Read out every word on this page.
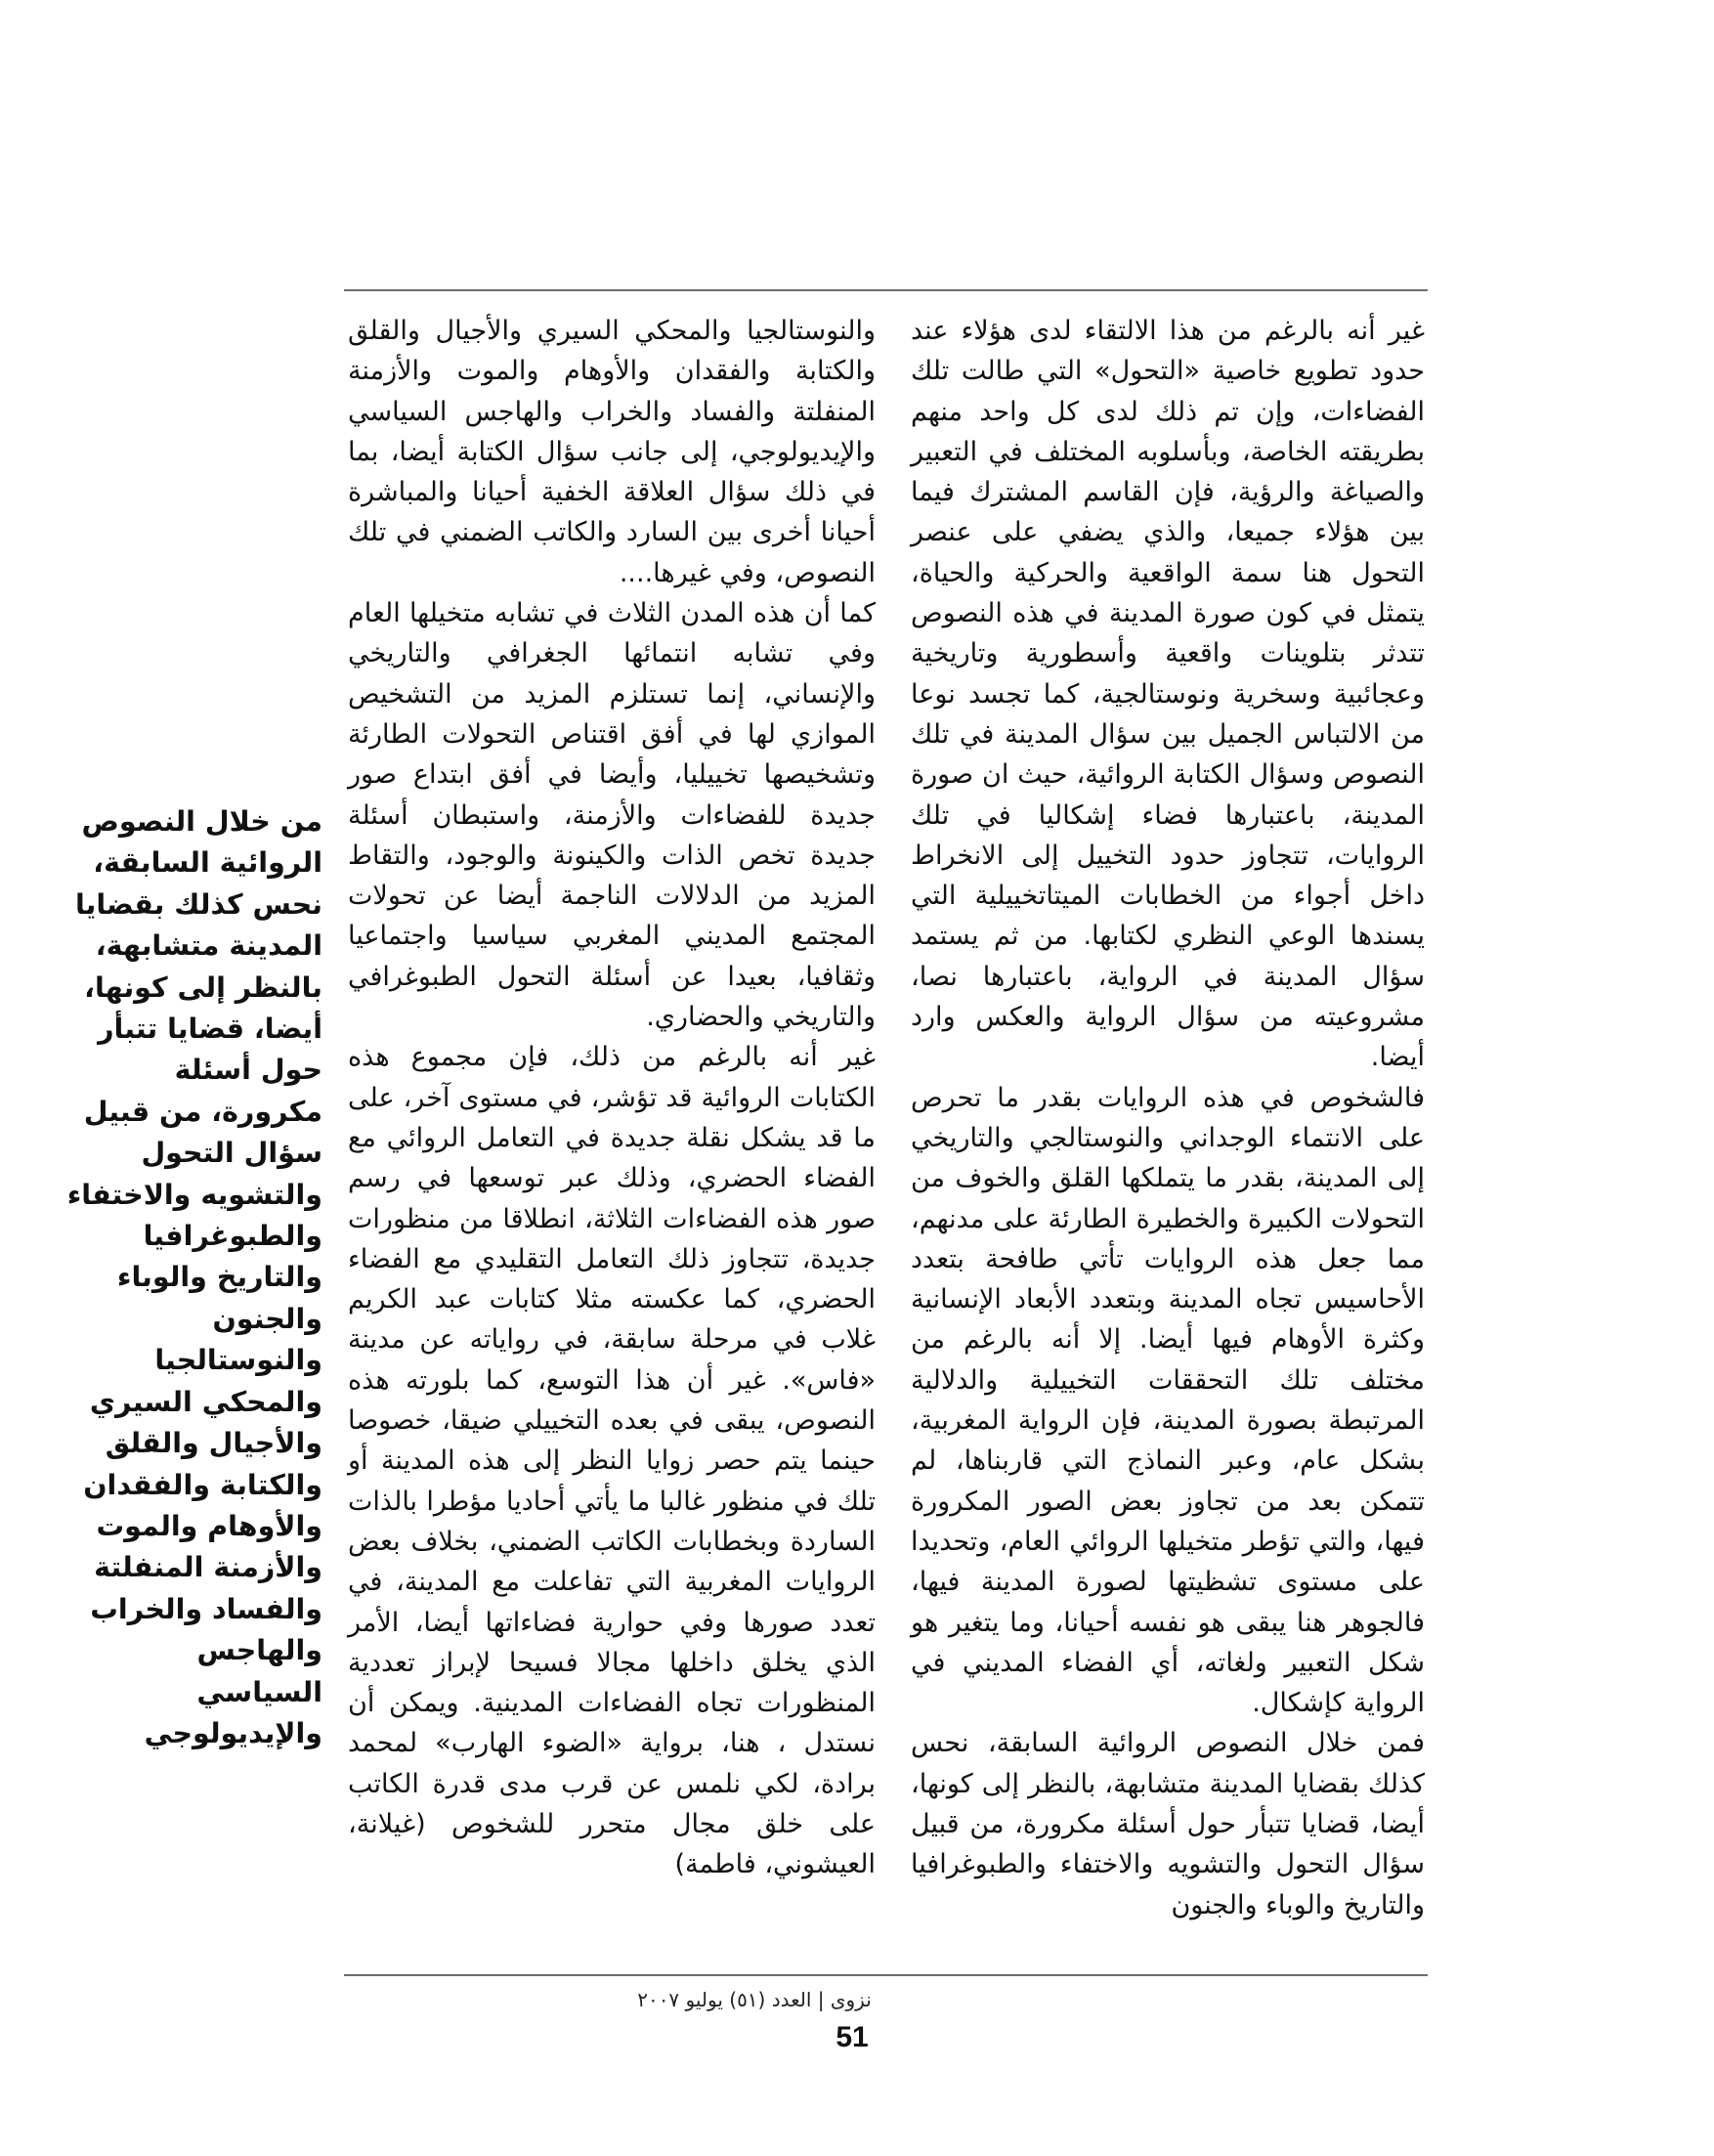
غير أنه بالرغم من هذا الالتقاء لدى هؤلاء عند حدود تطويع خاصية «التحول» التي طالت تلك الفضاءات، وإن تم ذلك لدى كل واحد منهم بطريقته الخاصة، وبأسلوبه المختلف في التعبير والصياغة والرؤية، فإن القاسم المشترك فيما بين هؤلاء جميعا، والذي يضفي على عنصر التحول هنا سمة الواقعية والحركية والحياة، يتمثل في كون صورة المدينة في هذه النصوص تتدثر بتلوينات واقعية وأسطورية وتاريخية وعجائبية وسخرية ونوستالجية، كما تجسد نوعا من الالتباس الجميل بين سؤال المدينة في تلك النصوص وسؤال الكتابة الروائية، حيث ان صورة المدينة، باعتبارها فضاء إشكاليا في تلك الروايات، تتجاوز حدود التخييل إلى الانخراط داخل أجواء من الخطابات الميتاتخييلية التي يسندها الوعي النظري لكتابها. من ثم يستمد سؤال المدينة في الرواية، باعتبارها نصا، مشروعيته من سؤال الرواية والعكس وارد أيضا.

فالشخوص في هذه الروايات بقدر ما تحرص على الانتماء الوجداني والنوستالجي والتاريخي إلى المدينة، بقدر ما يتملكها القلق والخوف من التحولات الكبيرة والخطيرة الطارئة على مدنهم، مما جعل هذه الروايات تأتي طافحة بتعدد الأحاسيس تجاه المدينة وبتعدد الأبعاد الإنسانية وكثرة الأوهام فيها أيضا. إلا أنه بالرغم من مختلف تلك التحققات التخييلية والدلالية المرتبطة بصورة المدينة، فإن الرواية المغربية، بشكل عام، وعبر النماذج التي قاربناها، لم تتمكن بعد من تجاوز بعض الصور المكرورة فيها، والتي تؤطر متخيلها الروائي العام، وتحديدا على مستوى تشظيتها لصورة المدينة فيها، فالجوهر هنا يبقى هو نفسه أحيانا، وما يتغير هو شكل التعبير ولغاته، أي الفضاء المديني في الرواية كإشكال.

فمن خلال النصوص الروائية السابقة، نحس كذلك بقضايا المدينة متشابهة، بالنظر إلى كونها، أيضا، قضايا تتبأر حول أسئلة مكرورة، من قبيل سؤال التحول والتشويه والاختفاء والطبوغرافيا والتاريخ والوباء والجنون

والنوستالجيا والمحكي السيري والأجيال والقلق والكتابة والفقدان والأوهام والموت والأزمنة المنفلتة والفساد والخراب والهاجس السياسي والإيديولوجي، إلى جانب سؤال الكتابة أيضا، بما في ذلك سؤال العلاقة الخفية أحيانا والمباشرة أحيانا أخرى بين السارد والكاتب الضمني في تلك النصوص، وفي غيرها....

كما أن هذه المدن الثلاث في تشابه متخيلها العام وفي تشابه انتمائها الجغرافي والتاريخي والإنساني، إنما تستلزم المزيد من التشخيص الموازي لها في أفق اقتناص التحولات الطارئة وتشخيصها تخييليا، وأيضا في أفق ابتداع صور جديدة للفضاءات والأزمنة، واستبطان أسئلة جديدة تخص الذات والكينونة والوجود، والتقاط المزيد من الدلالات الناجمة أيضا عن تحولات المجتمع المديني المغربي سياسيا واجتماعيا وثقافيا، بعيدا عن أسئلة التحول الطبوغرافي والتاريخي والحضاري.

غير أنه بالرغم من ذلك، فإن مجموع هذه الكتابات الروائية قد تؤشر، في مستوى آخر، على ما قد يشكل نقلة جديدة في التعامل الروائي مع الفضاء الحضري، وذلك عبر توسعها في رسم صور هذه الفضاءات الثلاثة، انطلاقا من منظورات جديدة، تتجاوز ذلك التعامل التقليدي مع الفضاء الحضري، كما عكسته مثلا كتابات عبد الكريم غلاب في مرحلة سابقة، في رواياته عن مدينة «فاس». غير أن هذا التوسع، كما بلورته هذه النصوص، يبقى في بعده التخييلي ضيقا، خصوصا حينما يتم حصر زوايا النظر إلى هذه المدينة أو تلك في منظور غالبا ما يأتي أحاديا مؤطرا بالذات الساردة وبخطابات الكاتب الضمني، بخلاف بعض الروايات المغربية التي تفاعلت مع المدينة، في تعدد صورها وفي حوارية فضاءاتها أيضا، الأمر الذي يخلق داخلها مجالا فسيحا لإبراز تعددية المنظورات تجاه الفضاءات المدينية. ويمكن أن نستدل ، هنا، برواية «الضوء الهارب» لمحمد برادة، لكي نلمس عن قرب مدى قدرة الكاتب على خلق مجال متحرر للشخوص (غيلانة، العيشوني، فاطمة)

من خلال النصوص الروائية السابقة، نحس كذلك بقضايا المدينة متشابهة، بالنظر إلى كونها، أيضا، قضايا تتبأر حول أسئلة مكرورة، من قبيل سؤال التحول والتشويه والاختفاء والطبوغرافيا والتاريخ والوباء والجنون والنوستالجيا والمحكي السيري والأجيال والقلق والكتابة والفقدان والأوهام والموت والأزمنة المنفلتة والفساد والخراب والهاجس السياسي والإيديولوجي

نزوى | العدد (٥١) يوليو ٢٠٠٧
51
